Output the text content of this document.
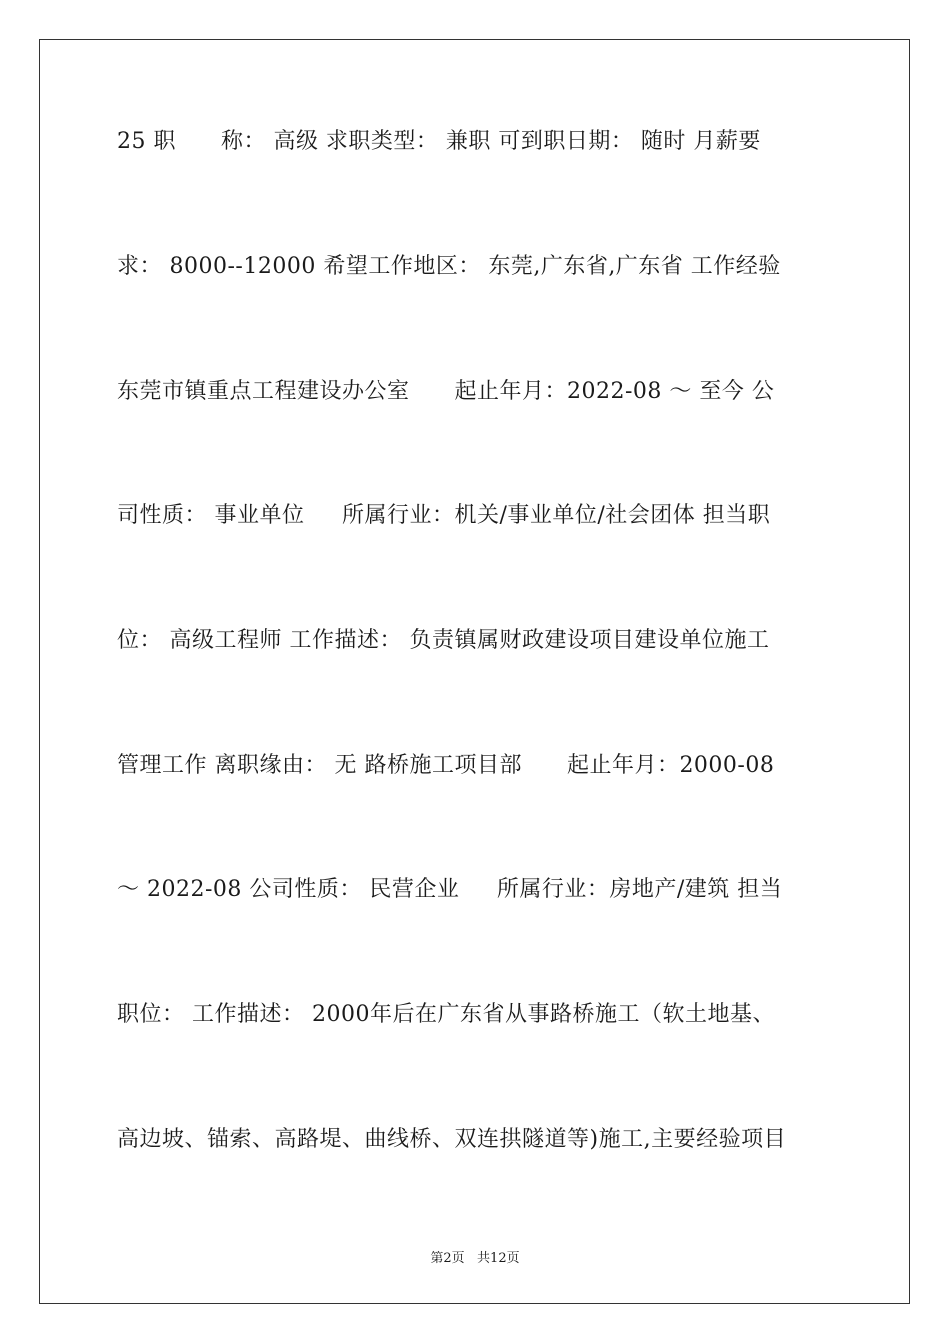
25 职      称： 高级 求职类型： 兼职 可到职日期： 随时 月薪要
求： 8000--12000 希望工作地区： 东莞,广东省,广东省 工作经验
东莞市镇重点工程建设办公室      起止年月：2022-08 ～ 至今 公
司性质： 事业单位     所属行业：机关/事业单位/社会团体 担当职
位： 高级工程师 工作描述： 负责镇属财政建设项目建设单位施工
管理工作 离职缘由： 无 路桥施工项目部      起止年月：2000-08
～ 2022-08 公司性质： 民营企业     所属行业：房地产/建筑 担当
职位： 工作描述： 2000年后在广东省从事路桥施工（软土地基、
高边坡、锚索、高路堤、曲线桥、双连拱隧道等)施工,主要经验项目
第2页   共12页
